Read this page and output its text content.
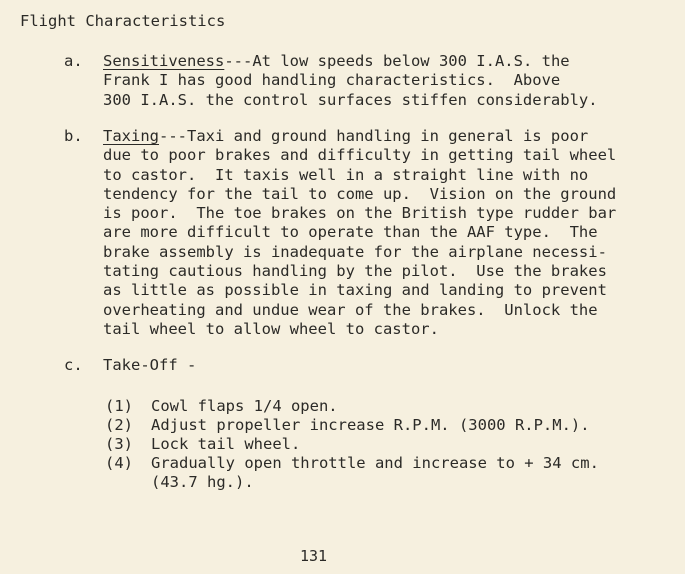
Flight Characteristics
a. Sensitiveness---At low speeds below 300 I.A.S. the
Frank I has good handling characteristics.  Above
300 I.A.S. the control surfaces stiffen considerably.
b. Taxing---Taxi and ground handling in general is poor
due to poor brakes and difficulty in getting tail wheel
to castor.  It taxis well in a straight line with no
tendency for the tail to come up.  Vision on the ground
is poor.  The toe brakes on the British type rudder bar
are more difficult to operate than the AAF type.  The
brake assembly is inadequate for the airplane necessi-
tating cautious handling by the pilot.  Use the brakes
as little as possible in taxing and landing to prevent
overheating and undue wear of the brakes.  Unlock the
tail wheel to allow wheel to castor.
c. Take-Off -
(1) Cowl flaps 1/4 open.
(2) Adjust propeller increase R.P.M. (3000 R.P.M.).
(3) Lock tail wheel.
(4) Gradually open throttle and increase to + 34 cm.
(43.7 hg.).
131
